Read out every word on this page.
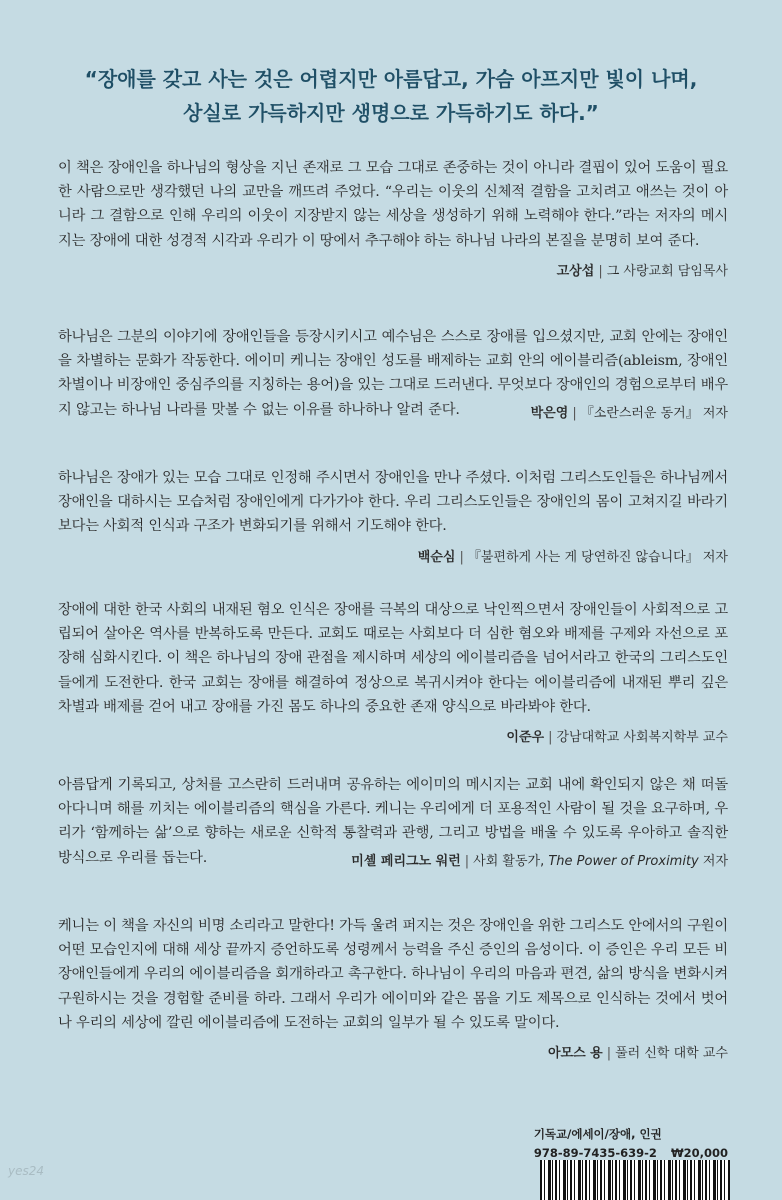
“장애를 갖고 사는 것은 어렵지만 아름답고, 가슴 아프지만 빛이 나며,
상실로 가득하지만 생명으로 가득하기도 하다.”

이 책은 장애인을 하나님의 형상을 지닌 존재로 그 모습 그대로 존중하는 것이 아니라 결핍이 있어 도움이 필요한 사람으로만 생각했던 나의 교만을 깨뜨려 주었다. “우리는 이웃의 신체적 결함을 고치려고 애쓰는 것이 아니라 그 결함으로 인해 우리의 이웃이 지장받지 않는 세상을 생성하기 위해 노력해야 한다.”라는 저자의 메시지는 장애에 대한 성경적 시각과 우리가 이 땅에서 추구해야 하는 하나님 나라의 본질을 분명히 보여 준다.

고상섭 | 그 사랑교회 담임목사

하나님은 그분의 이야기에 장애인들을 등장시키시고 예수님은 스스로 장애를 입으셨지만, 교회 안에는 장애인을 차별하는 문화가 작동한다. 에이미 케니는 장애인 성도를 배제하는 교회 안의 에이블리즘(ableism, 장애인 차별이나 비장애인 중심주의를 지칭하는 용어)을 있는 그대로 드러낸다. 무엇보다 장애인의 경험으로부터 배우지 않고는 하나님 나라를 맛볼 수 없는 이유를 하나하나 알려 준다.	박은영 | 『소란스러운 동거』 저자

하나님은 장애가 있는 모습 그대로 인정해 주시면서 장애인을 만나 주셨다. 이처럼 그리스도인들은 하나님께서 장애인을 대하시는 모습처럼 장애인에게 다가가야 한다. 우리 그리스도인들은 장애인의 몸이 고쳐지길 바라기보다는 사회적 인식과 구조가 변화되기를 위해서 기도해야 한다.

백순심 | 『불편하게 사는 게 당연하진 않습니다』 저자

장애에 대한 한국 사회의 내재된 혐오 인식은 장애를 극복의 대상으로 낙인찍으면서 장애인들이 사회적으로 고립되어 살아온 역사를 반복하도록 만든다. 교회도 때로는 사회보다 더 심한 혐오와 배제를 구제와 자선으로 포장해 심화시킨다. 이 책은 하나님의 장애 관점을 제시하며 세상의 에이블리즘을 넘어서라고 한국의 그리스도인들에게 도전한다. 한국 교회는 장애를 해결하여 정상으로 복귀시켜야 한다는 에이블리즘에 내재된 뿌리 깊은 차별과 배제를 걷어 내고 장애를 가진 몸도 하나의 중요한 존재 양식으로 바라봐야 한다.

이준우 | 강남대학교 사회복지학부 교수

아름답게 기록되고, 상처를 고스란히 드러내며 공유하는 에이미의 메시지는 교회 내에 확인되지 않은 채 떠돌아다니며 해를 끼치는 에이블리즘의 핵심을 가른다. 케니는 우리에게 더 포용적인 사람이 될 것을 요구하며, 우리가 ‘함께하는 삶’으로 향하는 새로운 신학적 통찰력과 관행, 그리고 방법을 배울 수 있도록 우아하고 솔직한 방식으로 우리를 돕는다.	미셸 페리그노 워런 | 사회 활동가, The Power of Proximity 저자

케니는 이 책을 자신의 비명 소리라고 말한다! 가득 울려 퍼지는 것은 장애인을 위한 그리스도 안에서의 구원이 어떤 모습인지에 대해 세상 끝까지 증언하도록 성령께서 능력을 주신 증인의 음성이다. 이 증인은 우리 모든 비장애인들에게 우리의 에이블리즘을 회개하라고 촉구한다. 하나님이 우리의 마음과 편견, 삶의 방식을 변화시켜 구원하시는 것을 경험할 준비를 하라. 그래서 우리가 에이미와 같은 몸을 기도 제목으로 인식하는 것에서 벗어나 우리의 세상에 깔린 에이블리즘에 도전하는 교회의 일부가 될 수 있도록 말이다.

아모스 용 | 풀러 신학 대학 교수
기독교/에세이/장애, 인권
978-89-7435-639-2 ₩20,000
yes24
